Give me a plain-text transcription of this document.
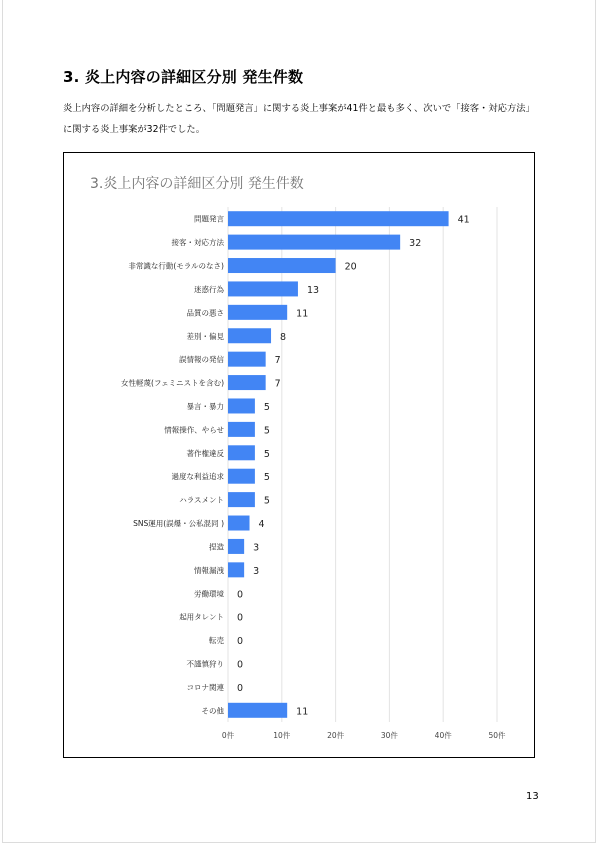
3. 炎上内容の詳細区分別 発生件数
炎上内容の詳細を分析したところ、「問題発言」に関する炎上事案が41件と最も多く、次いで「接客・対応方法」に関する炎上事案が32件でした。
3.炎上内容の詳細区分別 発生件数
0件	10件	20件	30件	40件	50件
問題発言	41
接客・対応方法	32
非常識な行動(モラルのなさ)	20
迷惑行為	13
品質の悪さ	11
差別・偏見	8
誤情報の発信	7
女性軽蔑(フェミニストを含む)	7
暴言・暴力	5
情報操作、やらせ	5
著作権違反	5
過度な利益追求	5
ハラスメント	5
SNS運用(誤爆・公私混同 )	4
捏造	3
情報漏洩	3
労働環境 0
起用タレント 0
転売 0
不謹慎狩り 0
コロナ関連 0
その他	11
13
